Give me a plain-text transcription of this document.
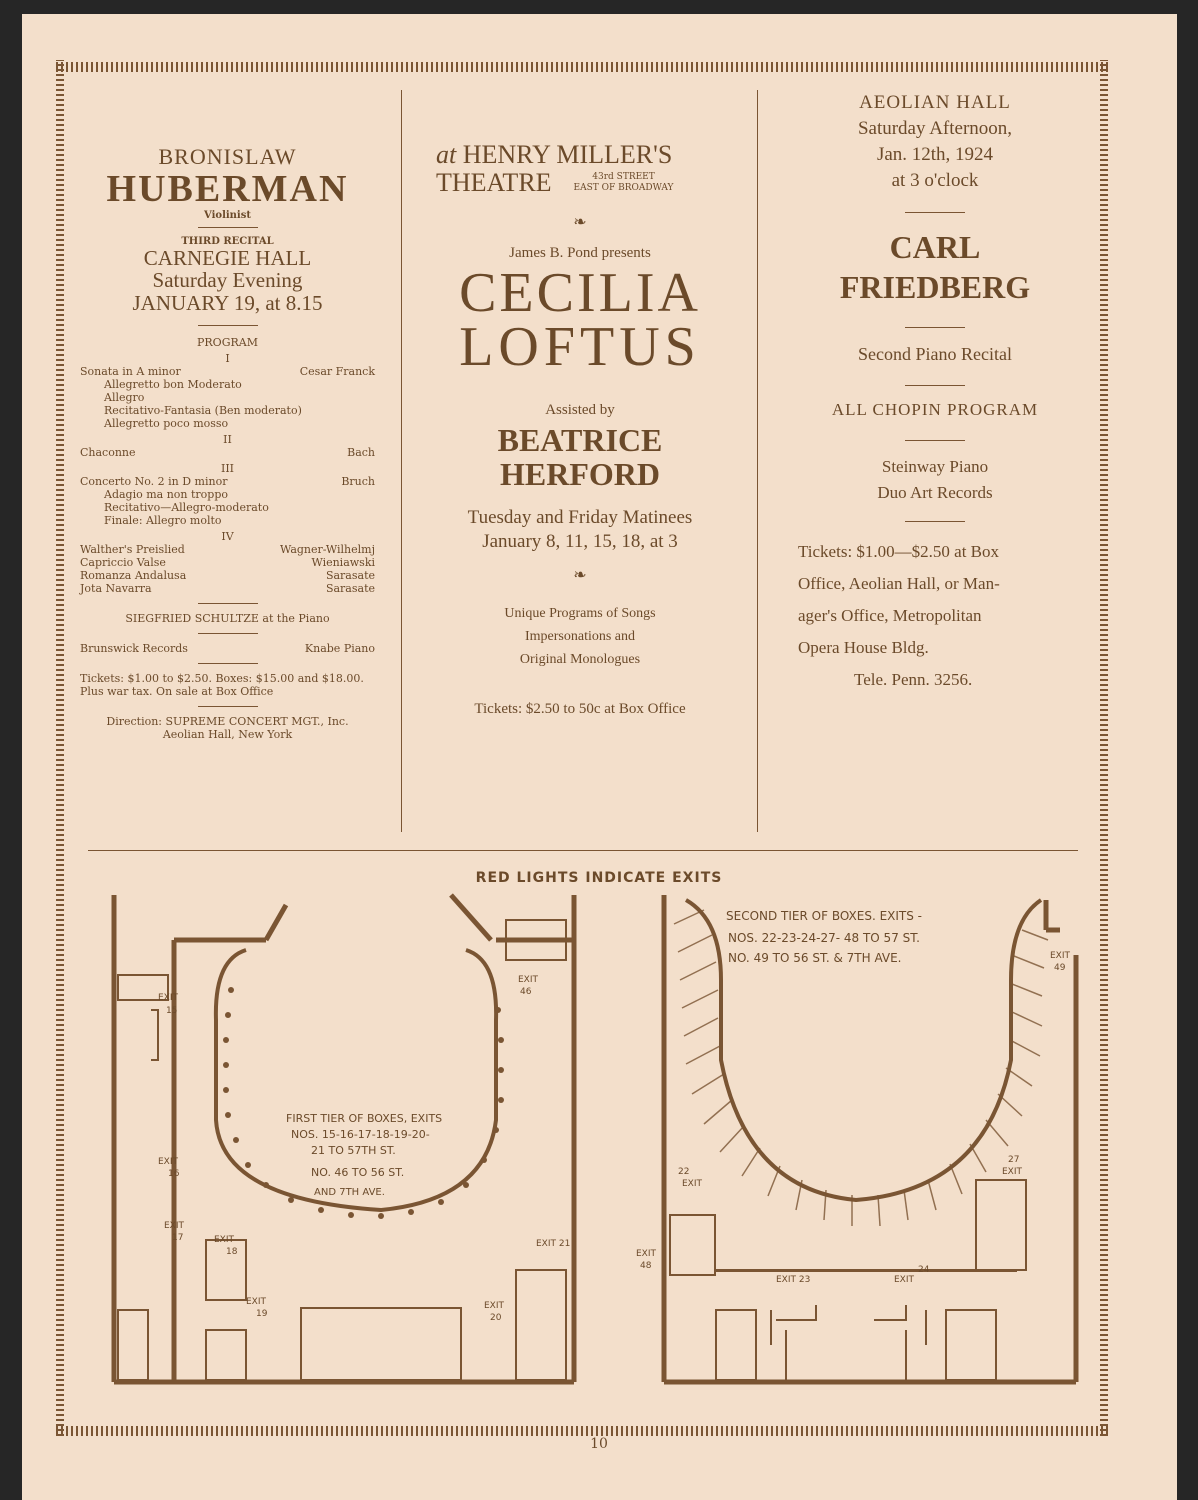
BRONISLAW
HUBERMAN
Violinist
THIRD RECITAL
CARNEGIE HALL
Saturday Evening
JANUARY 19, at 8.15
PROGRAM
I
Sonata in A minor	Cesar Franck
Allegretto bon Moderato
Allegro
Recitativo-Fantasia (Ben moderato)
Allegretto poco mosso
II
Chaconne	Bach
III
Concerto No. 2 in D minor	Bruch
Adagio ma non troppo
Recitativo—Allegro-moderato
Finale: Allegro molto
IV
Walther's Preislied	Wagner-Wilhelmj
Capriccio Valse	Wieniawski
Romanza Andalusa	Sarasate
Jota Navarra	Sarasate
SIEGFRIED SCHULTZE at the Piano
Brunswick Records	Knabe Piano
Tickets: $1.00 to $2.50. Boxes: $15.00 and $18.00. Plus war tax. On sale at Box Office
Direction: SUPREME CONCERT MGT., Inc.
Aeolian Hall, New York
at HENRY MILLER'S
THEATRE	43rd STREET
EAST OF BROADWAY
❧
James B. Pond presents
CECILIA
LOFTUS
Assisted by
BEATRICE
HERFORD
Tuesday and Friday Matinees
January 8, 11, 15, 18, at 3
❧
Unique Programs of Songs
Impersonations and
Original Monologues
Tickets: $2.50 to 50c at Box Office
AEOLIAN HALL
Saturday Afternoon,
Jan. 12th, 1924
at 3 o'clock
CARL
FRIEDBERG
Second Piano Recital
ALL CHOPIN PROGRAM
Steinway Piano
Duo Art Records
Tickets: $1.00—$2.50 at Box
Office, Aeolian Hall, or Man-
ager's Office, Metropolitan
Opera House Bldg.
Tele. Penn. 3256.
RED LIGHTS INDICATE EXITS
FIRST TIER OF BOXES, EXITS
NOS. 15-16-17-18-19-20-
21 TO 57TH ST.
NO. 46 TO 56 ST.
AND 7TH AVE.
EXIT
15
EXIT
16
EXIT
17	EXIT
18
EXIT
19
EXIT
46
EXIT 21
EXIT
20
SECOND TIER OF BOXES. EXITS -
NOS. 22-23-24-27- 48 TO 57 ST.
NO. 49 TO 56 ST. & 7TH AVE.	EXIT
49
27
EXIT
22
EXIT
EXIT
48
EXIT 23
24
EXIT
10
